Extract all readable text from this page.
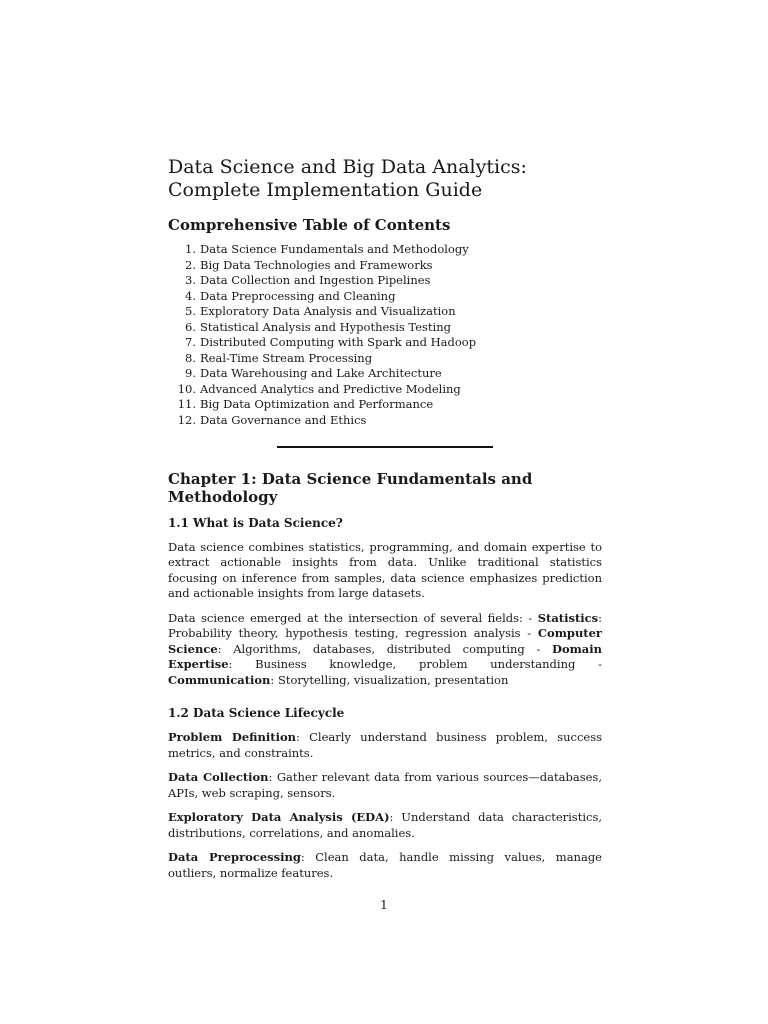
Data Science and Big Data Analytics: Complete Implementation Guide
Comprehensive Table of Contents
1. Data Science Fundamentals and Methodology
2. Big Data Technologies and Frameworks
3. Data Collection and Ingestion Pipelines
4. Data Preprocessing and Cleaning
5. Exploratory Data Analysis and Visualization
6. Statistical Analysis and Hypothesis Testing
7. Distributed Computing with Spark and Hadoop
8. Real-Time Stream Processing
9. Data Warehousing and Lake Architecture
10. Advanced Analytics and Predictive Modeling
11. Big Data Optimization and Performance
12. Data Governance and Ethics
Chapter 1: Data Science Fundamentals and Methodology
1.1 What is Data Science?

Data science combines statistics, programming, and domain expertise to extract actionable insights from data. Unlike traditional statistics focusing on inference from samples, data science emphasizes prediction and actionable insights from large datasets.

Data science emerged at the intersection of several fields: - Statistics: Probability theory, hypothesis testing, regression analysis - Computer Science: Algorithms, databases, distributed computing - Domain Expertise: Business knowledge, problem understanding - Communication: Storytelling, visualization, presentation

1.2 Data Science Lifecycle

Problem Definition: Clearly understand business problem, success metrics, and constraints.

Data Collection: Gather relevant data from various sources—databases, APIs, web scraping, sensors.

Exploratory Data Analysis (EDA): Understand data characteristics, distributions, correlations, and anomalies.

Data Preprocessing: Clean data, handle missing values, manage outliers, normalize features.

1
